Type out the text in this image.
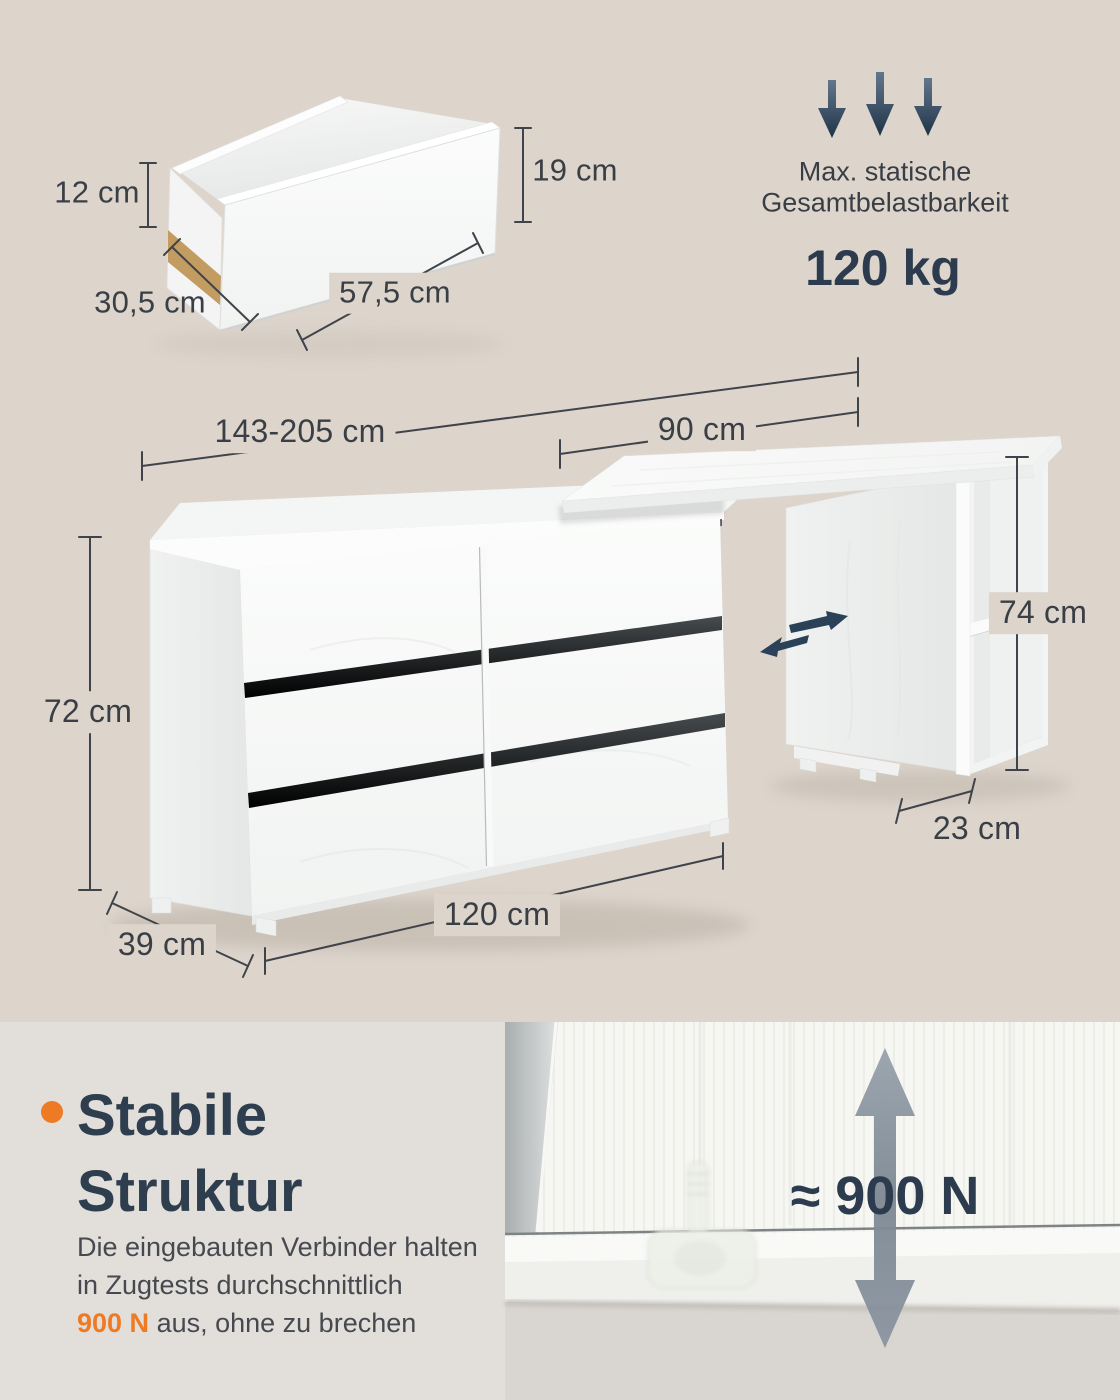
12 cm
19 cm
30,5 cm	57,5 cm
Max. statische
Gesamtbelastbarkeit
120 kg
143-205 cm	90 cm
72 cm
74 cm
23 cm
120 cm
39 cm
Stabile
Struktur
Die eingebauten Verbinder halten
in Zugtests durchschnittlich
900 N aus, ohne zu brechen
≈ 900 N
